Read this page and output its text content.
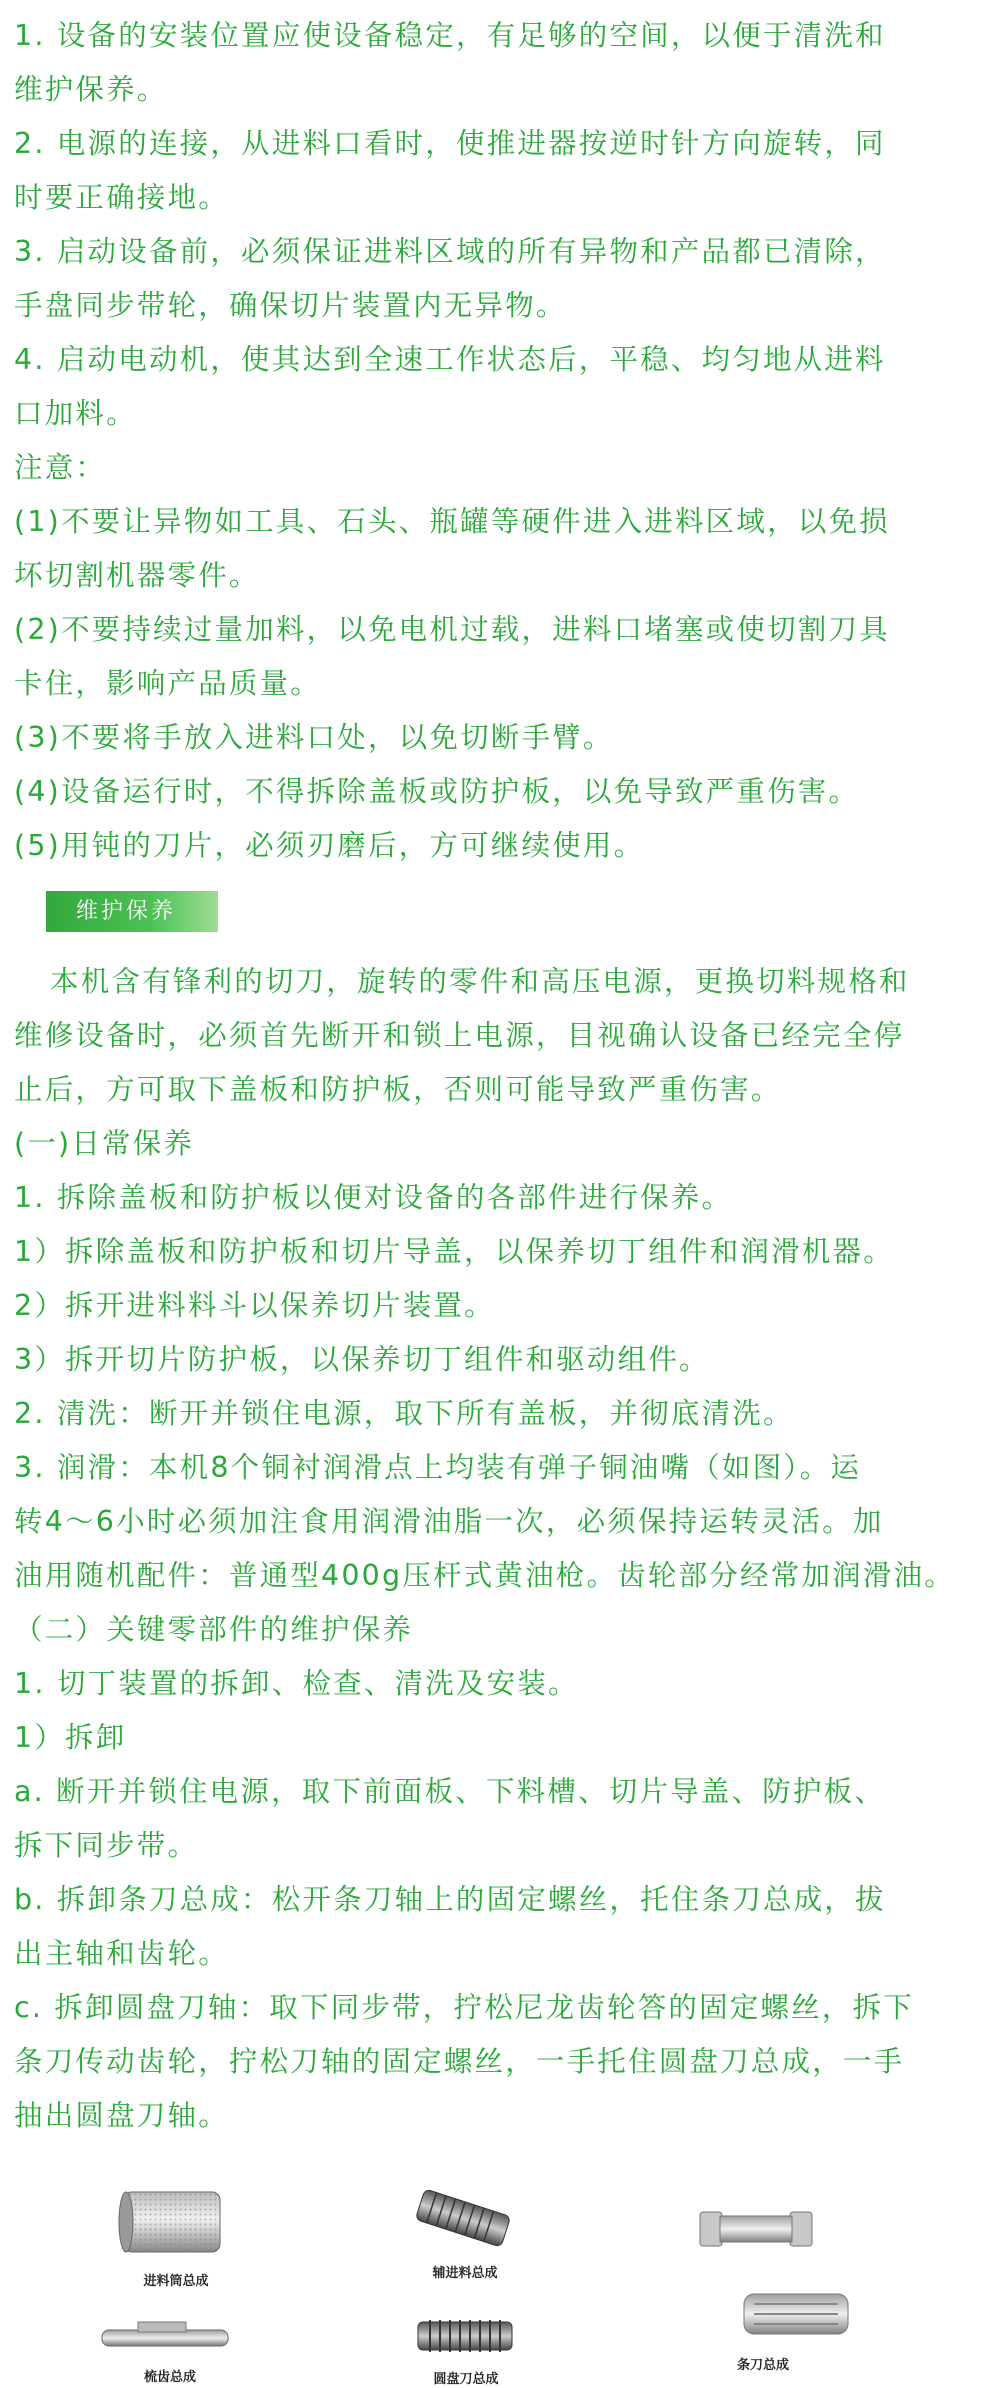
1. 设备的安装位置应使设备稳定，有足够的空间，以便于清洗和
维护保养。
2. 电源的连接，从进料口看时，使推进器按逆时针方向旋转，同
时要正确接地。
3. 启动设备前，必须保证进料区域的所有异物和产品都已清除，
手盘同步带轮，确保切片装置内无异物。
4. 启动电动机，使其达到全速工作状态后，平稳、均匀地从进料
口加料。
注意：
(1)不要让异物如工具、石头、瓶罐等硬件进入进料区域，以免损
坏切割机器零件。
(2)不要持续过量加料，以免电机过载，进料口堵塞或使切割刀具
卡住，影响产品质量。
(3)不要将手放入进料口处，以免切断手臂。
(4)设备运行时，不得拆除盖板或防护板，以免导致严重伤害。
(5)用钝的刀片，必须刃磨后，方可继续使用。
维护保养
本机含有锋利的切刀，旋转的零件和高压电源，更换切料规格和
维修设备时，必须首先断开和锁上电源，目视确认设备已经完全停
止后，方可取下盖板和防护板，否则可能导致严重伤害。
(一)日常保养
1. 拆除盖板和防护板以便对设备的各部件进行保养。
1）拆除盖板和防护板和切片导盖，以保养切丁组件和润滑机器。
2）拆开进料料斗以保养切片装置。
3）拆开切片防护板，以保养切丁组件和驱动组件。
2. 清洗：断开并锁住电源，取下所有盖板，并彻底清洗。
3. 润滑：本机8个铜衬润滑点上均装有弹子铜油嘴（如图）。运
转4～6小时必须加注食用润滑油脂一次，必须保持运转灵活。加
油用随机配件：普通型400g压杆式黄油枪。齿轮部分经常加润滑油。
（二）关键零部件的维护保养
1. 切丁装置的拆卸、检查、清洗及安装。
1）拆卸
a. 断开并锁住电源，取下前面板、下料槽、切片导盖、防护板、
拆下同步带。
b. 拆卸条刀总成：松开条刀轴上的固定螺丝，托住条刀总成，拔
出主轴和齿轮。
c. 拆卸圆盘刀轴：取下同步带，拧松尼龙齿轮答的固定螺丝，拆下
条刀传动齿轮，拧松刀轴的固定螺丝，一手托住圆盘刀总成，一手
抽出圆盘刀轴。
进料筒总成
梳齿总成
辅进料总成
圆盘刀总成
条刀总成
